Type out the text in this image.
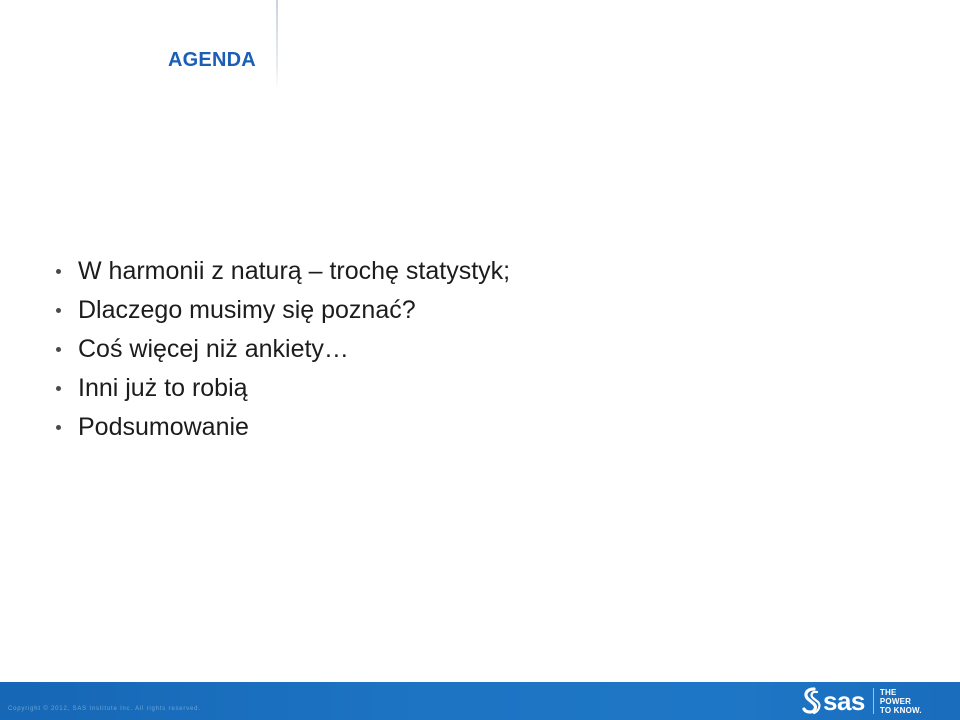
AGENDA
W harmonii z naturą – trochę statystyk;
Dlaczego musimy się poznać?
Coś więcej niż ankiety…
Inni już to robią
Podsumowanie
Copyright © 2012, SAS Institute Inc. All rights reserved.	sas THE
POWER
TO KNOW.
